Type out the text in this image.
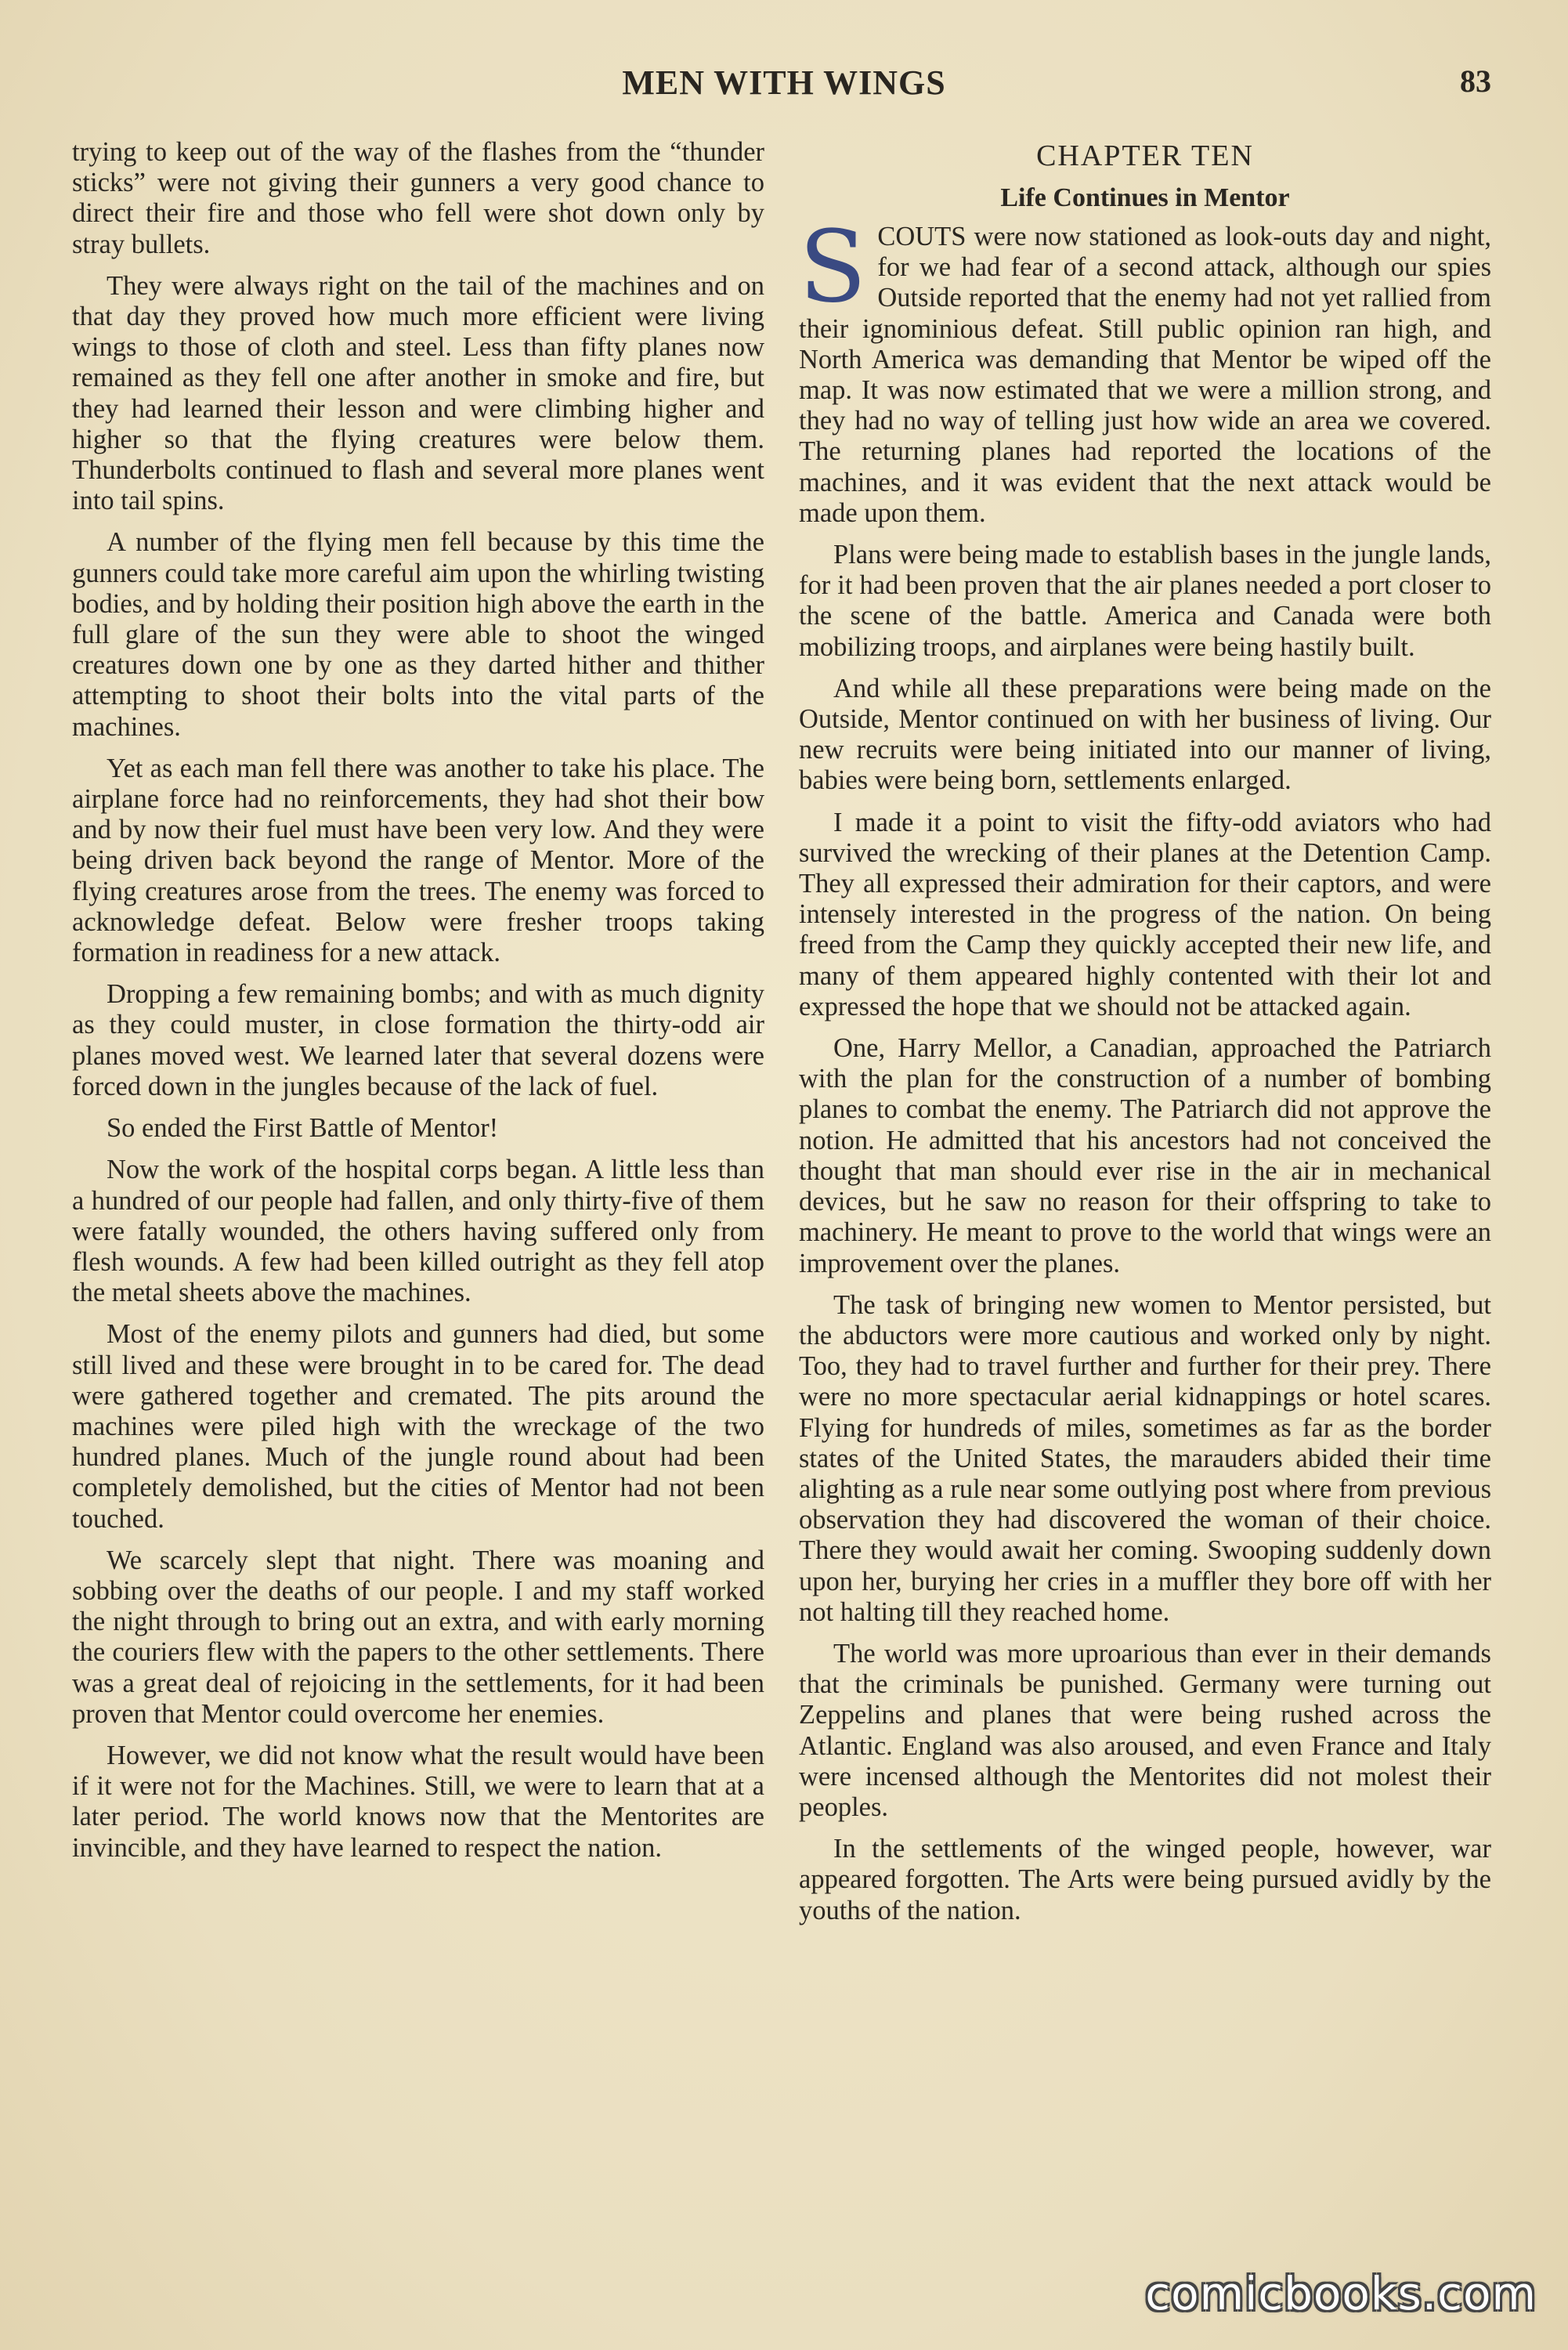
MEN WITH WINGS	83

trying to keep out of the way of the flashes from the “thunder sticks” were not giving their gunners a very good chance to direct their fire and those who fell were shot down only by stray bullets.

They were always right on the tail of the machines and on that day they proved how much more efficient were living wings to those of cloth and steel. Less than fifty planes now remained as they fell one after another in smoke and fire, but they had learned their lesson and were climbing higher and higher so that the flying creatures were below them. Thunderbolts continued to flash and several more planes went into tail spins.

A number of the flying men fell because by this time the gunners could take more careful aim upon the whirling twisting bodies, and by holding their position high above the earth in the full glare of the sun they were able to shoot the winged creatures down one by one as they darted hither and thither attempting to shoot their bolts into the vital parts of the machines.

Yet as each man fell there was another to take his place. The airplane force had no reinforcements, they had shot their bow and by now their fuel must have been very low. And they were being driven back beyond the range of Mentor. More of the flying creatures arose from the trees. The enemy was forced to acknowledge defeat. Below were fresher troops taking formation in readiness for a new attack.

Dropping a few remaining bombs; and with as much dignity as they could muster, in close formation the thirty-odd air planes moved west. We learned later that several dozens were forced down in the jungles because of the lack of fuel.

So ended the First Battle of Mentor!

Now the work of the hospital corps began. A little less than a hundred of our people had fallen, and only thirty-five of them were fatally wounded, the others having suffered only from flesh wounds. A few had been killed outright as they fell atop the metal sheets above the machines.

Most of the enemy pilots and gunners had died, but some still lived and these were brought in to be cared for. The dead were gathered together and cremated. The pits around the machines were piled high with the wreckage of the two hundred planes. Much of the jungle round about had been completely demolished, but the cities of Mentor had not been touched.

We scarcely slept that night. There was moaning and sobbing over the deaths of our people. I and my staff worked the night through to bring out an extra, and with early morning the couriers flew with the papers to the other settlements. There was a great deal of rejoicing in the settlements, for it had been proven that Mentor could overcome her enemies.

However, we did not know what the result would have been if it were not for the Machines. Still, we were to learn that at a later period. The world knows now that the Mentorites are invincible, and they have learned to respect the nation.

CHAPTER TEN
Life Continues in Mentor

SCOUTS were now stationed as look-outs day and night, for we had fear of a second attack, although our spies Outside reported that the enemy had not yet rallied from their ignominious defeat. Still public opinion ran high, and North America was demanding that Mentor be wiped off the map. It was now estimated that we were a million strong, and they had no way of telling just how wide an area we covered. The returning planes had reported the locations of the machines, and it was evident that the next attack would be made upon them.

Plans were being made to establish bases in the jungle lands, for it had been proven that the air planes needed a port closer to the scene of the battle. America and Canada were both mobilizing troops, and airplanes were being hastily built.

And while all these preparations were being made on the Outside, Mentor continued on with her business of living. Our new recruits were being initiated into our manner of living, babies were being born, settlements enlarged.

I made it a point to visit the fifty-odd aviators who had survived the wrecking of their planes at the Detention Camp. They all expressed their admiration for their captors, and were intensely interested in the progress of the nation. On being freed from the Camp they quickly accepted their new life, and many of them appeared highly contented with their lot and expressed the hope that we should not be attacked again.

One, Harry Mellor, a Canadian, approached the Patriarch with the plan for the construction of a number of bombing planes to combat the enemy. The Patriarch did not approve the notion. He admitted that his ancestors had not conceived the thought that man should ever rise in the air in mechanical devices, but he saw no reason for their offspring to take to machinery. He meant to prove to the world that wings were an improvement over the planes.

The task of bringing new women to Mentor persisted, but the abductors were more cautious and worked only by night. Too, they had to travel further and further for their prey. There were no more spectacular aerial kidnappings or hotel scares. Flying for hundreds of miles, sometimes as far as the border states of the United States, the marauders abided their time alighting as a rule near some outlying post where from previous observation they had discovered the woman of their choice. There they would await her coming. Swooping suddenly down upon her, burying her cries in a muffler they bore off with her not halting till they reached home.

The world was more uproarious than ever in their demands that the criminals be punished. Germany were turning out Zeppelins and planes that were being rushed across the Atlantic. England was also aroused, and even France and Italy were incensed although the Mentorites did not molest their peoples.

In the settlements of the winged people, however, war appeared forgotten. The Arts were being pursued avidly by the youths of the nation.

comicbooks.com
